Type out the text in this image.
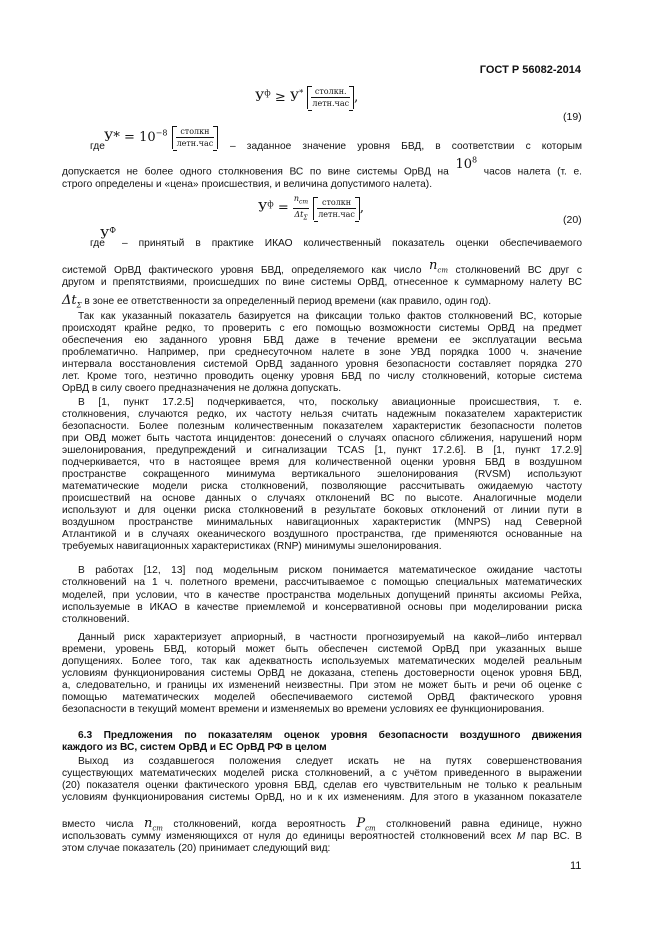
ГОСТ Р 56082-2014
$У^ф \ge У^* \frac{\text{столкн.}}{\text{летн.час}}$ ,
(19)
где
$У* = 10^{-8} \frac{\text{столкн}}{\text{летн.час}}$ – заданное значение уровня БВД, в соответствии с которым
допускается не более одного столкновения ВС по вине системы ОрВД на $10^8$ часов налета (т. е.
строго определены и «цена» происшествия, и величина допустимого налета).
$У^ф = \frac{n_{ст}}{\Delta t_\Sigma}$
$\frac{\text{столкн}}{\text{летн.час}}$ ,
(20)
где
$У^Ф$
– принятый в практике ИКАО количественный показатель оценки обеспечиваемого
системой ОрВД фактического уровня БВД, определяемого как число $n_{ст}$ столкновений ВС друг с
другом и препятствиями, происшедших по вине системы ОрВД, отнесенное к суммарному налету ВС
$\Delta t_\Sigma$ в зоне ее ответственности за определенный период времени (как правило, один год).
Так как указанный показатель базируется на фиксации только фактов столкновений ВС, которые
происходят крайне редко, то проверить с его помощью возможности системы ОрВД на предмет
обеспечения ею заданного уровня БВД даже в течение времени ее эксплуатации весьма
проблематично. Например, при среднесуточном налете в зоне УВД порядка 1000 ч. значение
интервала восстановления системой ОрВД заданного уровня безопасности составляет порядка 270
лет. Кроме того, неэтично проводить оценку уровня БВД по числу столкновений, которые система
ОрВД в силу своего предназначения не должна допускать.
В [1, пункт 17.2.5] подчеркивается, что, поскольку авиационные происшествия, т. е.
столкновения, случаются редко, их частоту нельзя считать надежным показателем характеристик
безопасности. Более полезным количественным показателем характеристик безопасности полетов
при ОВД может быть частота инцидентов: донесений о случаях опасного сближения, нарушений норм
эшелонирования, предупреждений и сигнализации TCAS [1, пункт 17.2.6]. В [1, пункт 17.2.9]
подчеркивается, что в настоящее время для количественной оценки уровня БВД в воздушном
пространстве сокращенного минимума вертикального эшелонирования (RVSM) используют
математические модели риска столкновений, позволяющие рассчитывать ожидаемую частоту
происшествий на основе данных о случаях отклонений ВС по высоте. Аналогичные модели
используют и для оценки риска столкновений в результате боковых отклонений от линии пути в
воздушном пространстве минимальных навигационных характеристик (MNPS) над Северной
Атлантикой и в случаях океанического воздушного пространства, где применяются основанные на
требуемых навигационных характеристиках (RNP) минимумы эшелонирования.
В работах [12, 13] под модельным риском понимается математическое ожидание частоты
столкновений на 1 ч. полетного времени, рассчитываемое с помощью специальных математических
моделей, при условии, что в качестве пространства модельных допущений приняты аксиомы Рейха,
используемые в ИКАО в качестве приемлемой и консервативной основы при моделировании риска
столкновений.
Данный риск характеризует априорный, в частности прогнозируемый на какой–либо интервал
времени, уровень БВД, который может быть обеспечен системой ОрВД при указанных выше
допущениях. Более того, так как адекватность используемых математических моделей реальным
условиям функционирования системы ОрВД не доказана, степень достоверности оценок уровня БВД,
а, следовательно, и границы их изменений неизвестны. При этом не может быть и речи об оценке с
помощью математических моделей обеспечиваемого системой ОрВД фактического уровня
безопасности в текущий момент времени и изменяемых во времени условиях ее функционирования.
6.3 Предложения по показателям оценок уровня безопасности воздушного движения
каждого из ВС, систем ОрВД и ЕС ОрВД РФ в целом
Выход из создавшегося положения следует искать не на путях совершенствования
существующих математических моделей риска столкновений, а с учётом приведенного в выражении
(20) показателя оценки фактического уровня БВД, сделав его чувствительным не только к реальным
условиям функционирования системы ОрВД, но и к их изменениям. Для этого в указанном показателе
вместо числа $n_{ст}$ столкновений, когда вероятность $P_{ст}$ столкновений равна единице, нужно
использовать сумму изменяющихся от нуля до единицы вероятностей столкновений всех М пар ВС. В
этом случае показатель (20) принимает следующий вид:
11
